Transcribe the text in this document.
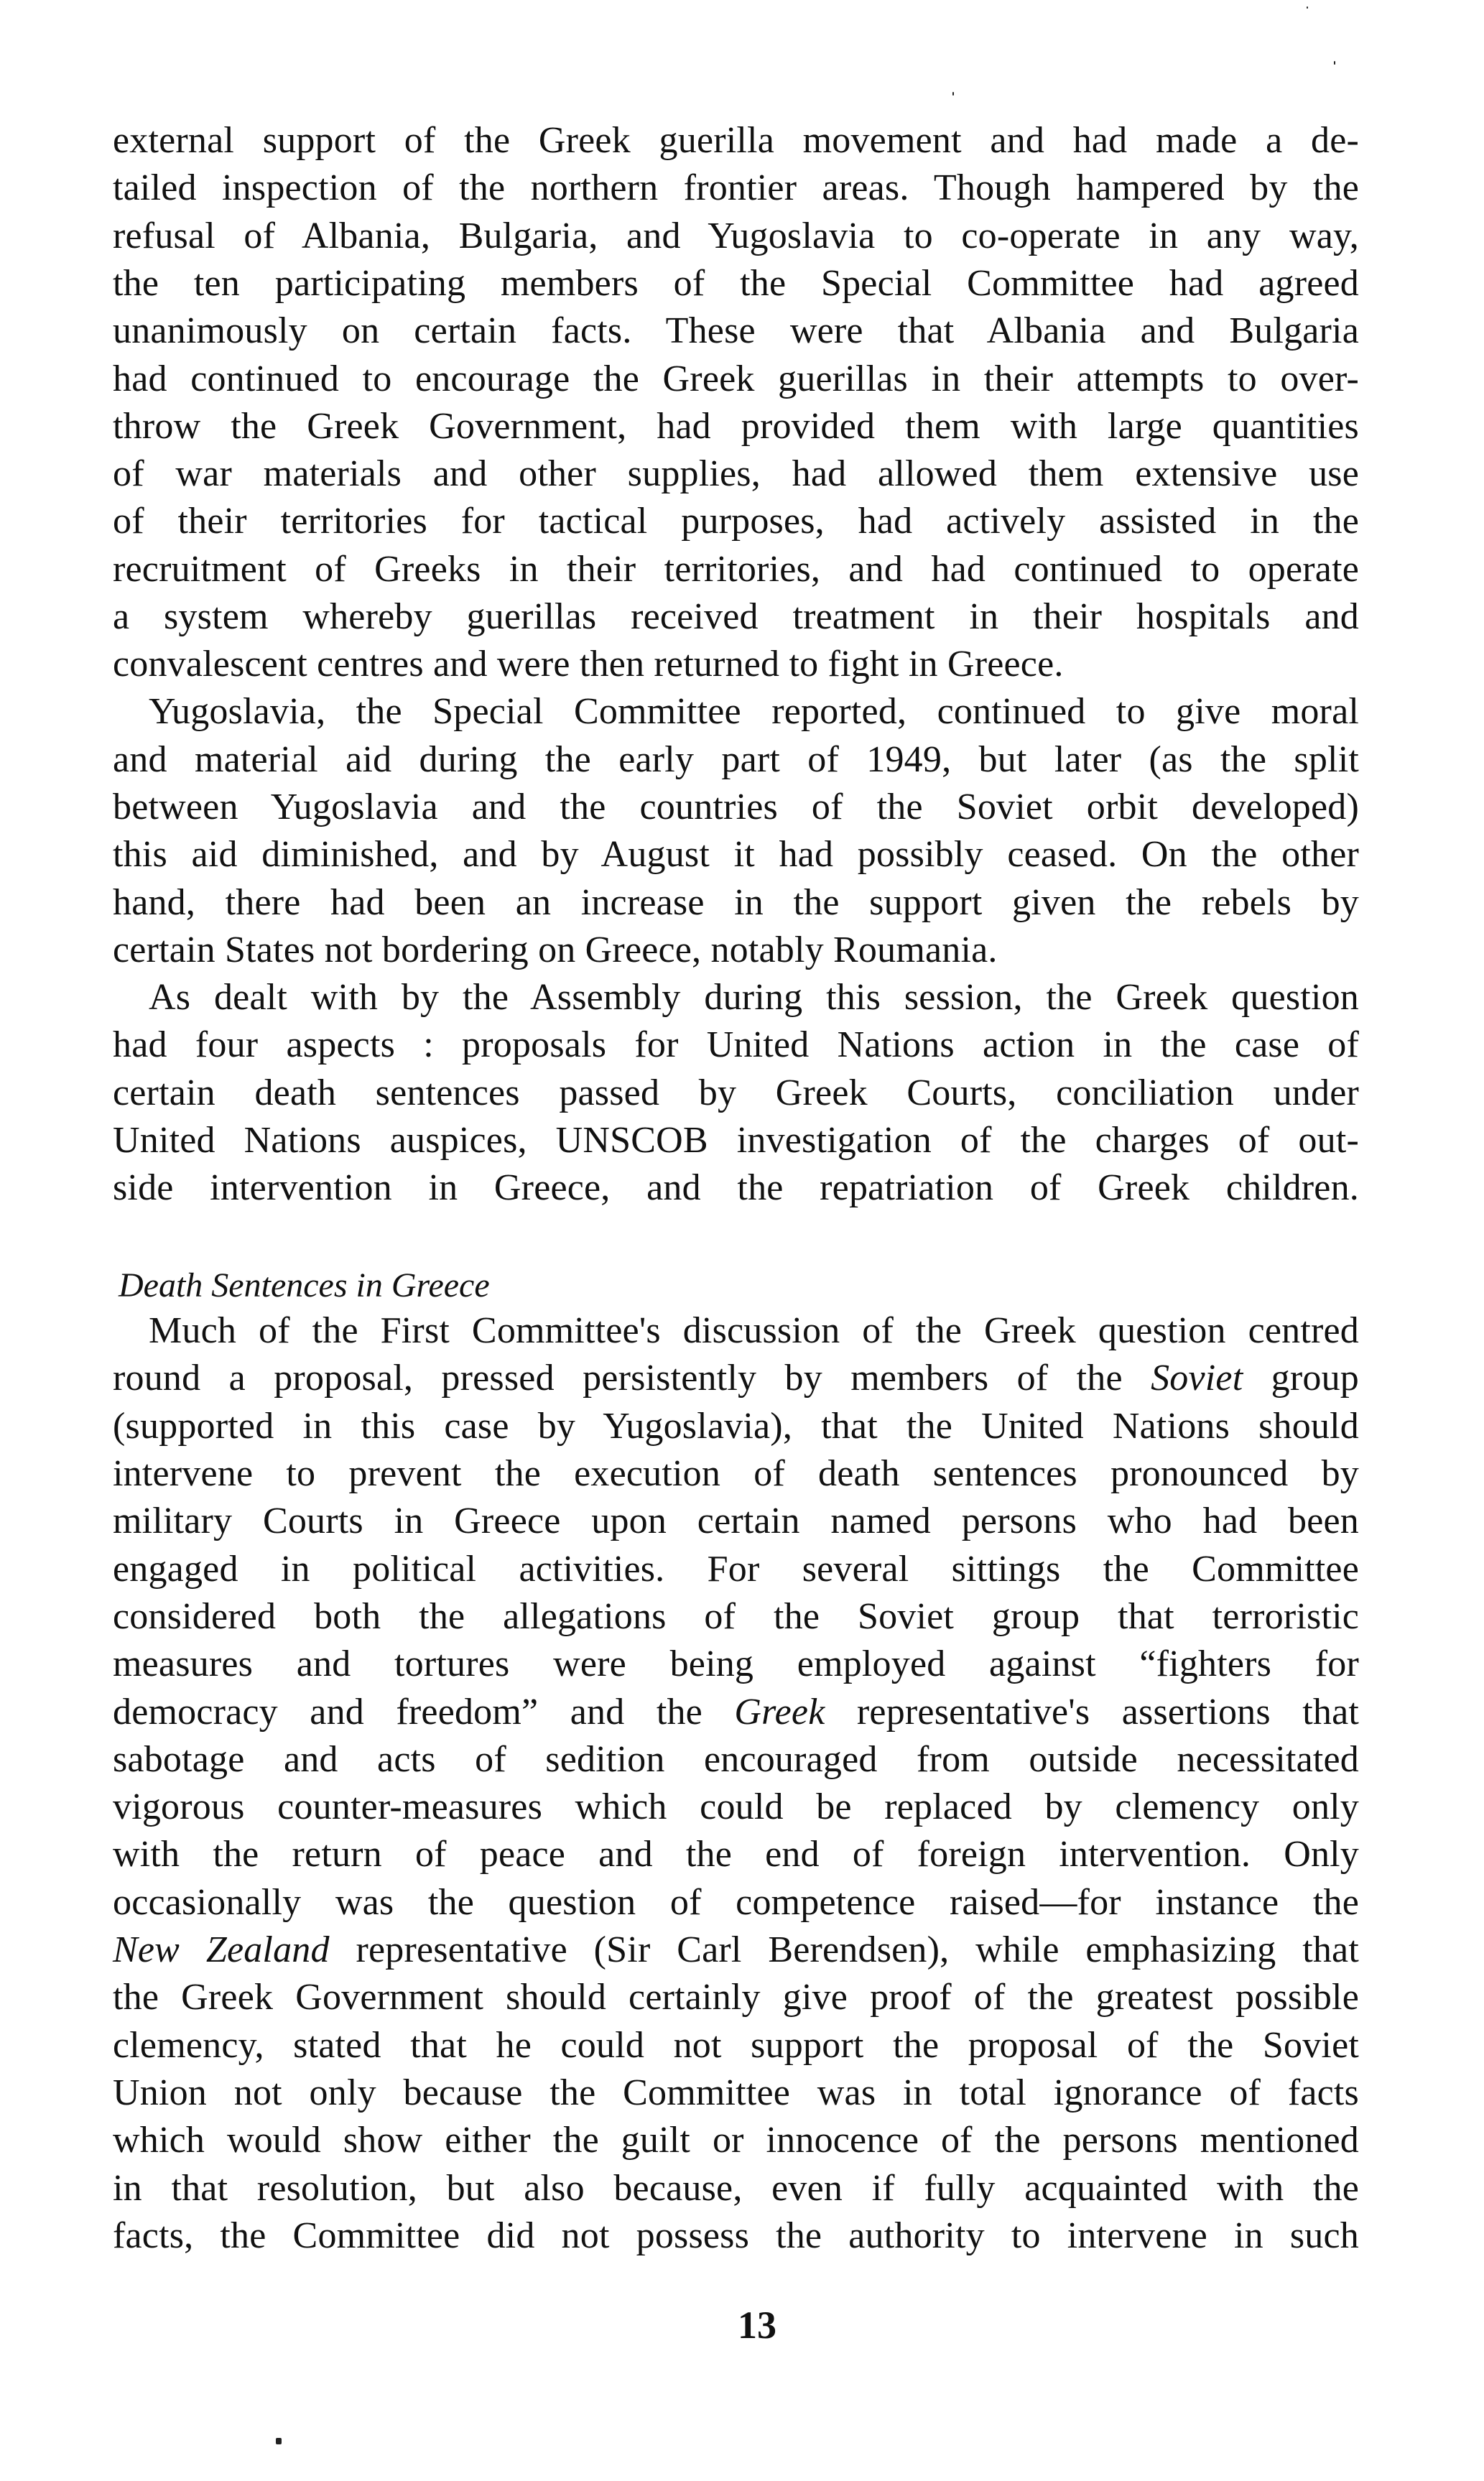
external support of the Greek guerilla movement and had made a de-
tailed inspection of the northern frontier areas. Though hampered by the
refusal of Albania, Bulgaria, and Yugoslavia to co-operate in any way,
the ten participating members of the Special Committee had agreed
unanimously on certain facts. These were that Albania and Bulgaria
had continued to encourage the Greek guerillas in their attempts to over-
throw the Greek Government, had provided them with large quantities
of war materials and other supplies, had allowed them extensive use
of their territories for tactical purposes, had actively assisted in the
recruitment of Greeks in their territories, and had continued to operate
a system whereby guerillas received treatment in their hospitals and
convalescent centres and were then returned to fight in Greece.
Yugoslavia, the Special Committee reported, continued to give moral
and material aid during the early part of 1949, but later (as the split
between Yugoslavia and the countries of the Soviet orbit developed)
this aid diminished, and by August it had possibly ceased. On the other
hand, there had been an increase in the support given the rebels by
certain States not bordering on Greece, notably Roumania.
As dealt with by the Assembly during this session, the Greek question
had four aspects : proposals for United Nations action in the case of
certain death sentences passed by Greek Courts, conciliation under
United Nations auspices, UNSCOB investigation of the charges of out-
side intervention in Greece, and the repatriation of Greek children.
Death Sentences in Greece
Much of the First Committee's discussion of the Greek question centred
round a proposal, pressed persistently by members of the Soviet group
(supported in this case by Yugoslavia), that the United Nations should
intervene to prevent the execution of death sentences pronounced by
military Courts in Greece upon certain named persons who had been
engaged in political activities. For several sittings the Committee
considered both the allegations of the Soviet group that terroristic
measures and tortures were being employed against “fighters for
democracy and freedom” and the Greek representative's assertions that
sabotage and acts of sedition encouraged from outside necessitated
vigorous counter-measures which could be replaced by clemency only
with the return of peace and the end of foreign intervention. Only
occasionally was the question of competence raised—for instance the
New Zealand representative (Sir Carl Berendsen), while emphasizing that
the Greek Government should certainly give proof of the greatest possible
clemency, stated that he could not support the proposal of the Soviet
Union not only because the Committee was in total ignorance of facts
which would show either the guilt or innocence of the persons mentioned
in that resolution, but also because, even if fully acquainted with the
facts, the Committee did not possess the authority to intervene in such
13
